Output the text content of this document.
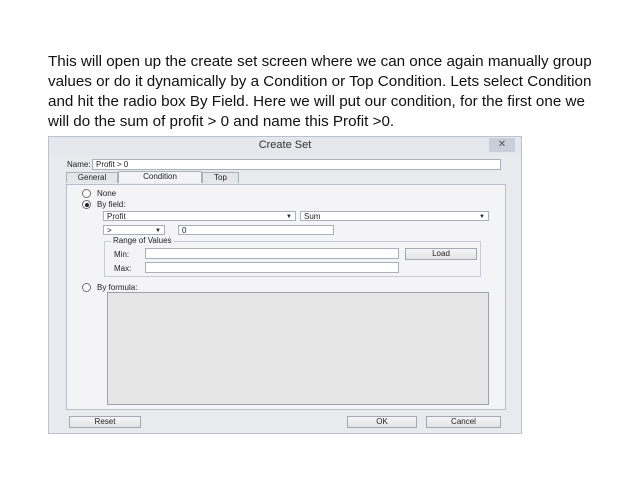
This will open up the create set screen where we can once again manually group values or do it dynamically by a Condition or Top Condition. Lets select Condition and hit the radio box By Field. Here we will put our condition, for the first one we will do the sum of profit > 0 and name this Profit >0.
Create Set	✕
Name: Profit > 0
General	Condition	Top
None
By field:
Profit	▼	Sum	▼
>	▼	0
Range of Values
Min:	Load
Max:
By formula:
Reset	OK	Cancel
